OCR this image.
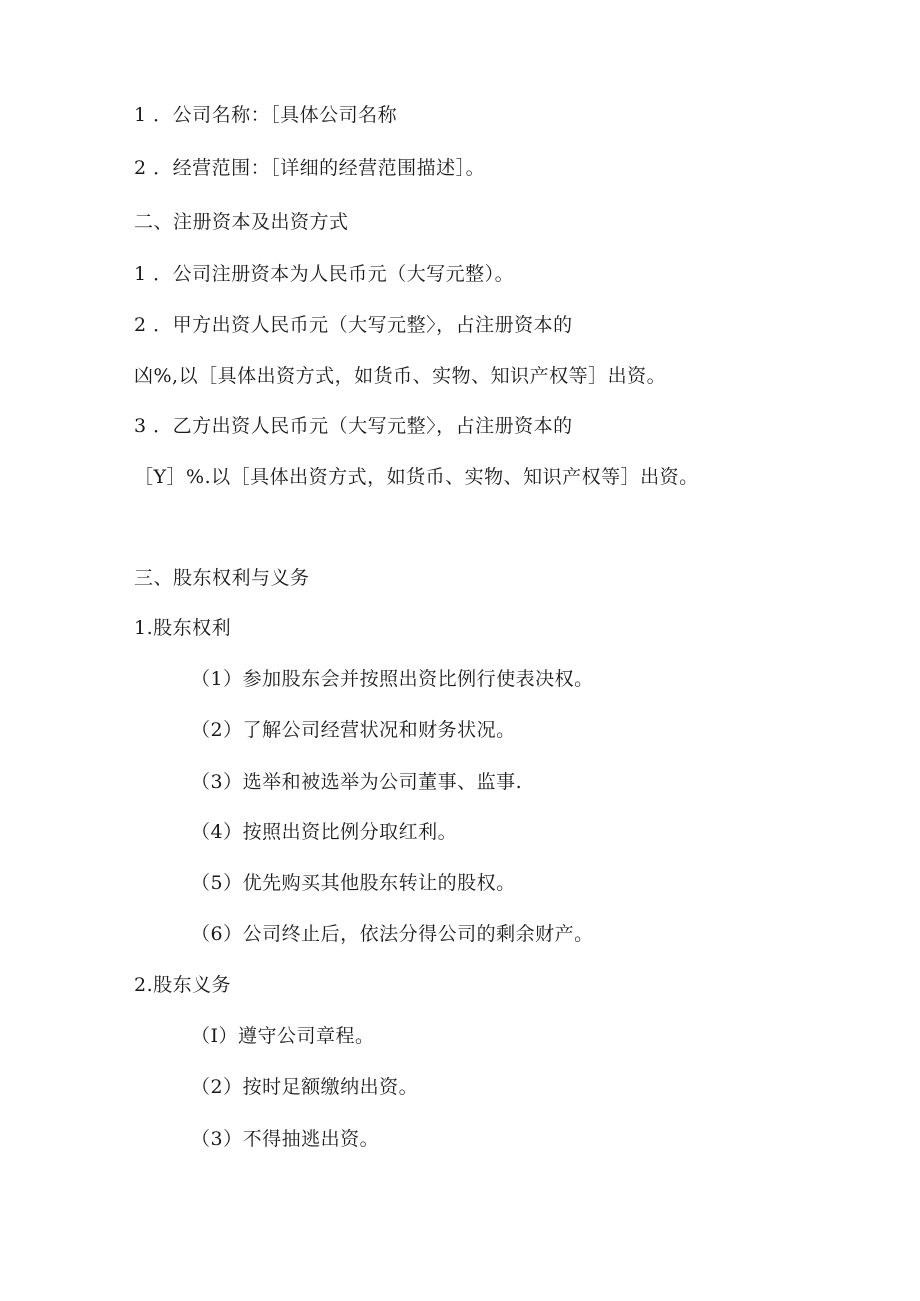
1 ．公司名称：［具体公司名称
2 ．经营范围：［详细的经营范围描述］。
二、注册资本及出资方式
1 ．公司注册资本为人民币元（大写元整）。
2 ．甲方出资人民币元（大写元整〉，占注册资本的
凶%,以［具体出资方式，如货币、实物、知识产权等］出资。
3 ．乙方出资人民币元（大写元整〉，占注册资本的
［Y］%.以［具体出资方式，如货币、实物、知识产权等］出资。
三、股东权利与义务
1.股东权利
（1）参加股东会并按照出资比例行使表决权。
（2）了解公司经营状况和财务状况。
（3）选举和被选举为公司董事、监事.
（4）按照出资比例分取红利。
（5）优先购买其他股东转让的股权。
（6）公司终止后，依法分得公司的剩余财产。
2.股东义务
（I）遵守公司章程。
（2）按时足额缴纳出资。
（3）不得抽逃出资。
